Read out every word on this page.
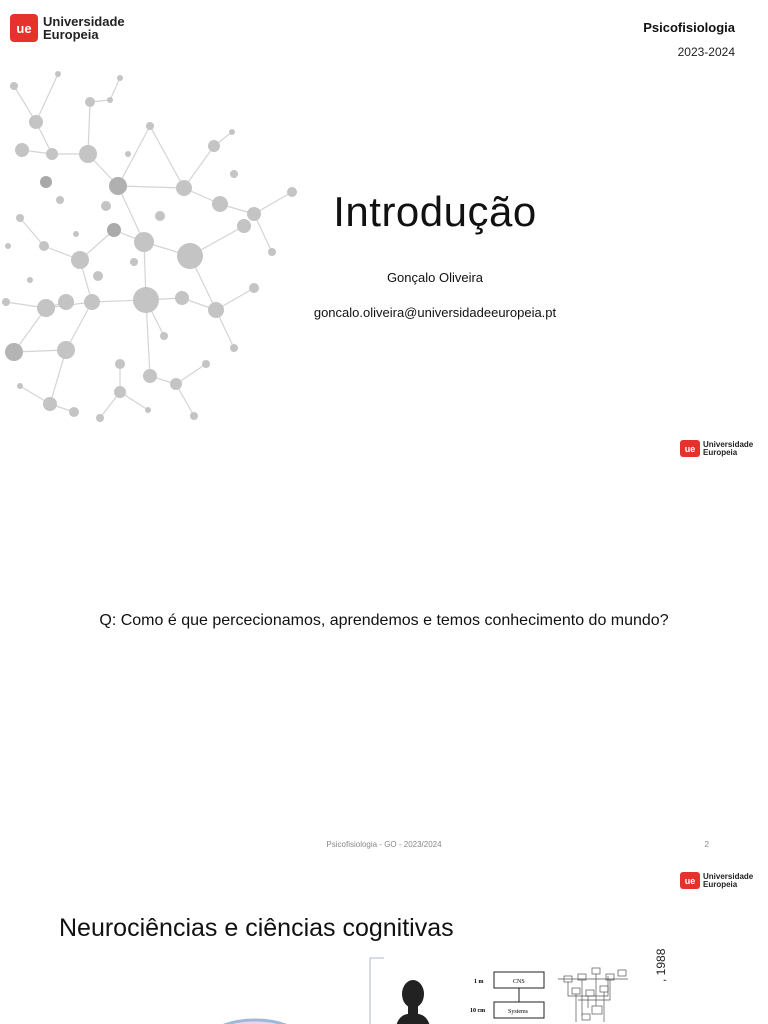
ue Universidade
Europeia	Psicofisiologia
2023-2024
Introdução
Gonçalo Oliveira
goncalo.oliveira@universidadeeuropeia.pt
ue Universidade
Europeia
Q: Como é que percecionamos, aprendemos e temos conhecimento do mundo?
Psicofisiologia - GO - 2023/2024	2
ue Universidade
Europeia
Neurociências e ciências cognitivas
1 m
10 cm
CNS
Systems
, 1988
